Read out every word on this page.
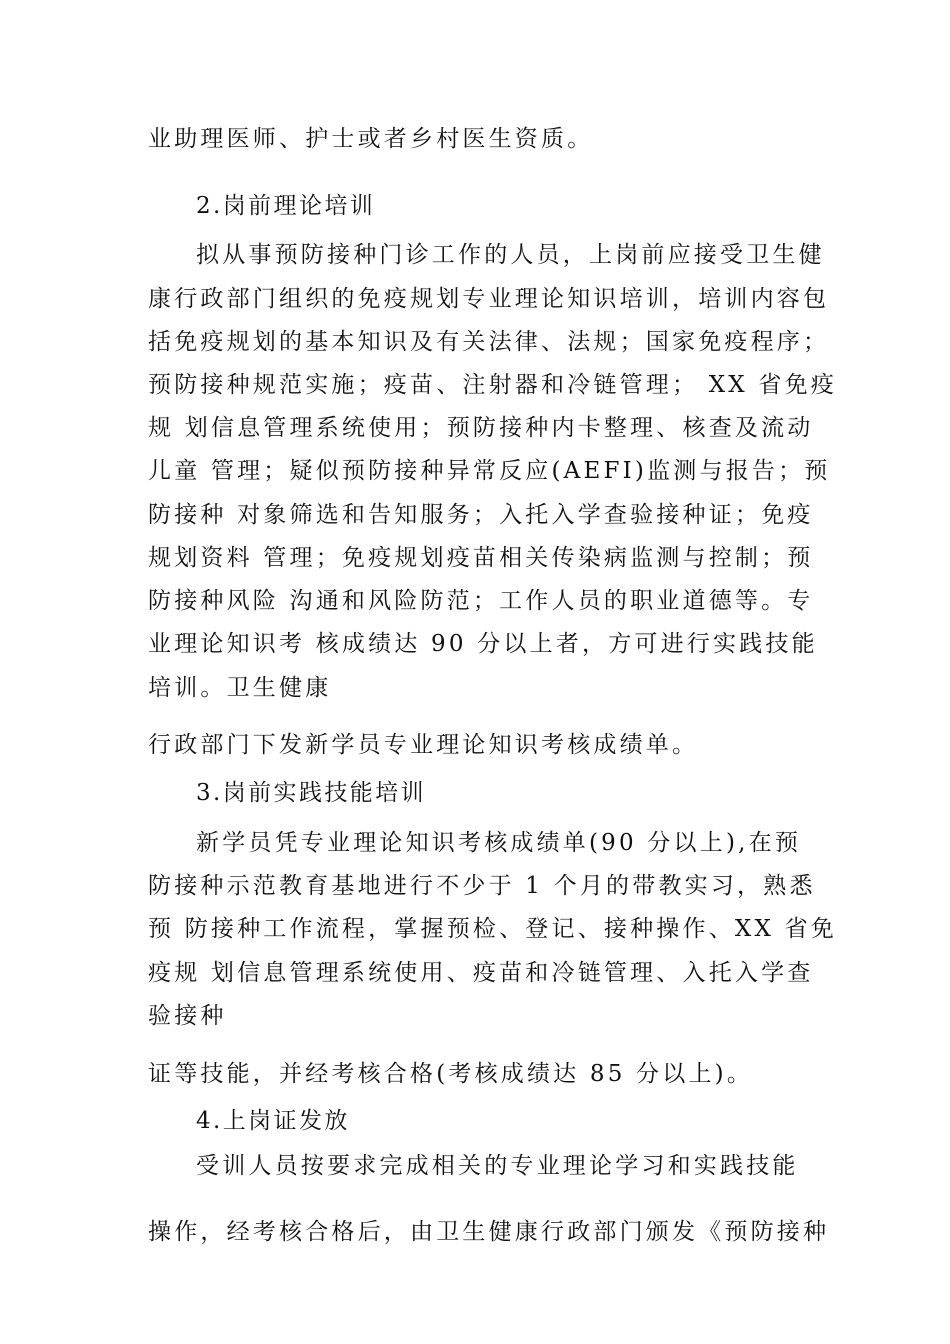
业助理医师、护士或者乡村医生资质。
2.岗前理论培训
拟从事预防接种门诊工作的人员，上岗前应接受卫生健
康行政部门组织的免疫规划专业理论知识培训，培训内容包
括免疫规划的基本知识及有关法律、法规；国家免疫程序；
预防接种规范实施；疫苗、注射器和冷链管理； XX 省免疫
规 划信息管理系统使用；预防接种内卡整理、核查及流动
儿童 管理；疑似预防接种异常反应(AEFI)监测与报告；预
防接种 对象筛选和告知服务；入托入学查验接种证；免疫
规划资料 管理；免疫规划疫苗相关传染病监测与控制；预
防接种风险 沟通和风险防范；工作人员的职业道德等。专
业理论知识考 核成绩达 90 分以上者，方可进行实践技能
培训。卫生健康
行政部门下发新学员专业理论知识考核成绩单。
3.岗前实践技能培训
新学员凭专业理论知识考核成绩单(90 分以上),在预
防接种示范教育基地进行不少于 1 个月的带教实习，熟悉
预 防接种工作流程，掌握预检、登记、接种操作、XX 省免
疫规 划信息管理系统使用、疫苗和冷链管理、入托入学查
验接种
证等技能，并经考核合格(考核成绩达 85 分以上)。
4.上岗证发放
受训人员按要求完成相关的专业理论学习和实践技能
操作，经考核合格后，由卫生健康行政部门颁发《预防接种
